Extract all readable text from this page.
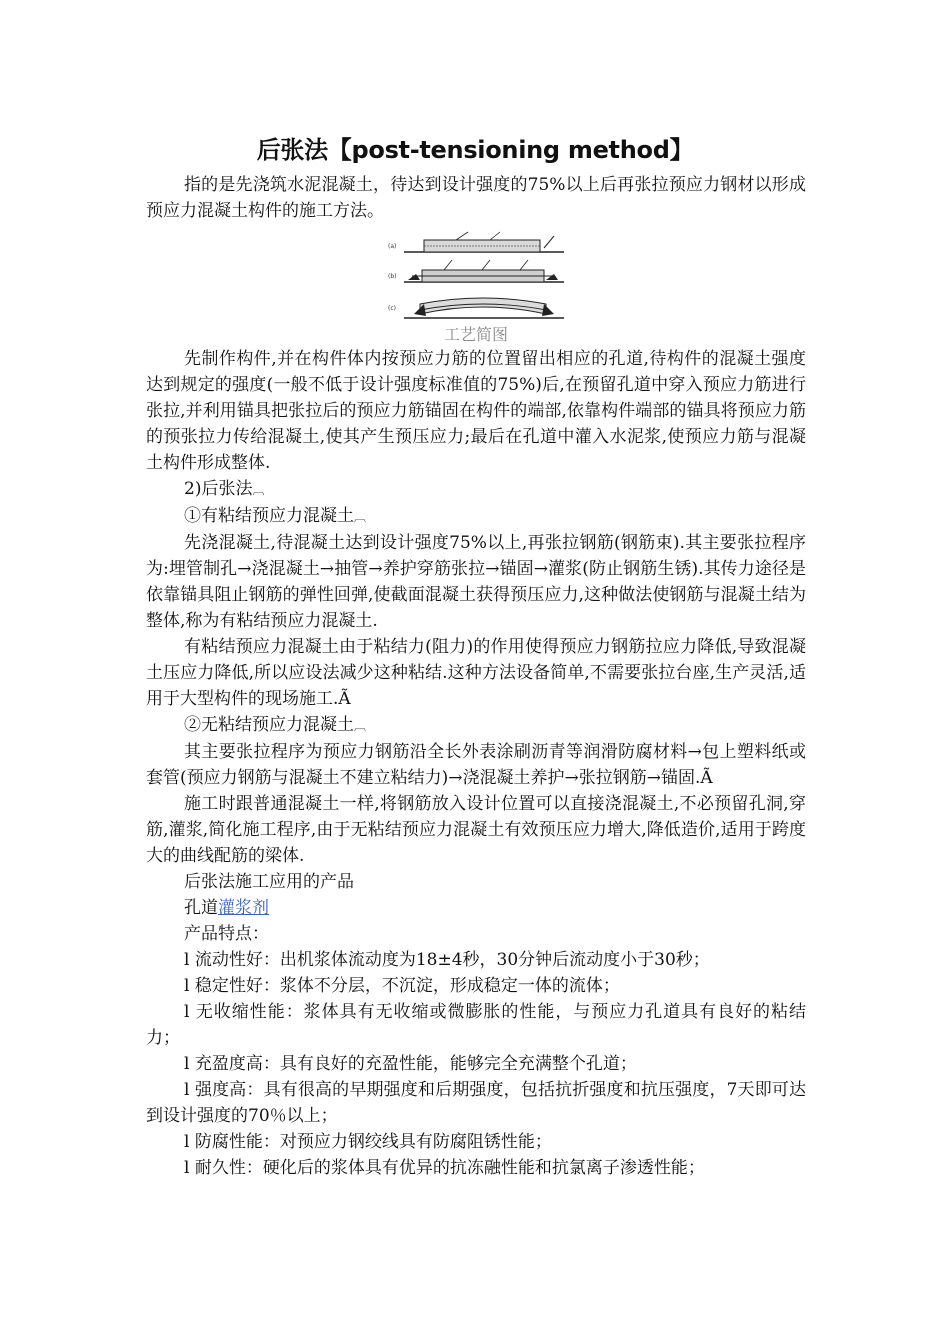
后张法【post-tensioning method】

指的是先浇筑水泥混凝土，待达到设计强度的75%以上后再张拉预应力钢材以形成预应力混凝土构件的施工方法。

(a)
(b)
(c)
工艺简图

先制作构件,并在构件体内按预应力筋的位置留出相应的孔道,待构件的混凝土强度达到规定的强度(一般不低于设计强度标准值的75%)后,在预留孔道中穿入预应力筋进行张拉,并利用锚具把张拉后的预应力筋锚固在构件的端部,依靠构件端部的锚具将预应力筋的预张拉力传给混凝土,使其产生预压应力;最后在孔道中灌入水泥浆,使预应力筋与混凝土构件形成整体.

2)后张法︹

①有粘结预应力混凝土︹

先浇混凝土,待混凝土达到设计强度75%以上,再张拉钢筋(钢筋束).其主要张拉程序为:埋管制孔→浇混凝土→抽管→养护穿筋张拉→锚固→灌浆(防止钢筋生锈).其传力途径是依靠锚具阻止钢筋的弹性回弹,使截面混凝土获得预压应力,这种做法使钢筋与混凝土结为整体,称为有粘结预应力混凝土.

有粘结预应力混凝土由于粘结力(阻力)的作用使得预应力钢筋拉应力降低,导致混凝土压应力降低,所以应设法减少这种粘结.这种方法设备简单,不需要张拉台座,生产灵活,适用于大型构件的现场施工.Ã

②无粘结预应力混凝土︹

其主要张拉程序为预应力钢筋沿全长外表涂刷沥青等润滑防腐材料→包上塑料纸或套管(预应力钢筋与混凝土不建立粘结力)→浇混凝土养护→张拉钢筋→锚固.Ã

施工时跟普通混凝土一样,将钢筋放入设计位置可以直接浇混凝土,不必预留孔洞,穿筋,灌浆,简化施工程序,由于无粘结预应力混凝土有效预压应力增大,降低造价,适用于跨度大的曲线配筋的梁体.

后张法施工应用的产品

孔道灌浆剂

产品特点：

l 流动性好：出机浆体流动度为18±4秒，30分钟后流动度小于30秒；

l 稳定性好：浆体不分层，不沉淀，形成稳定一体的流体；

l 无收缩性能：浆体具有无收缩或微膨胀的性能，与预应力孔道具有良好的粘结力；

l 充盈度高：具有良好的充盈性能，能够完全充满整个孔道；

l 强度高：具有很高的早期强度和后期强度，包括抗折强度和抗压强度，7天即可达到设计强度的70％以上；

l 防腐性能：对预应力钢绞线具有防腐阻锈性能；

l 耐久性：硬化后的浆体具有优异的抗冻融性能和抗氯离子渗透性能；
